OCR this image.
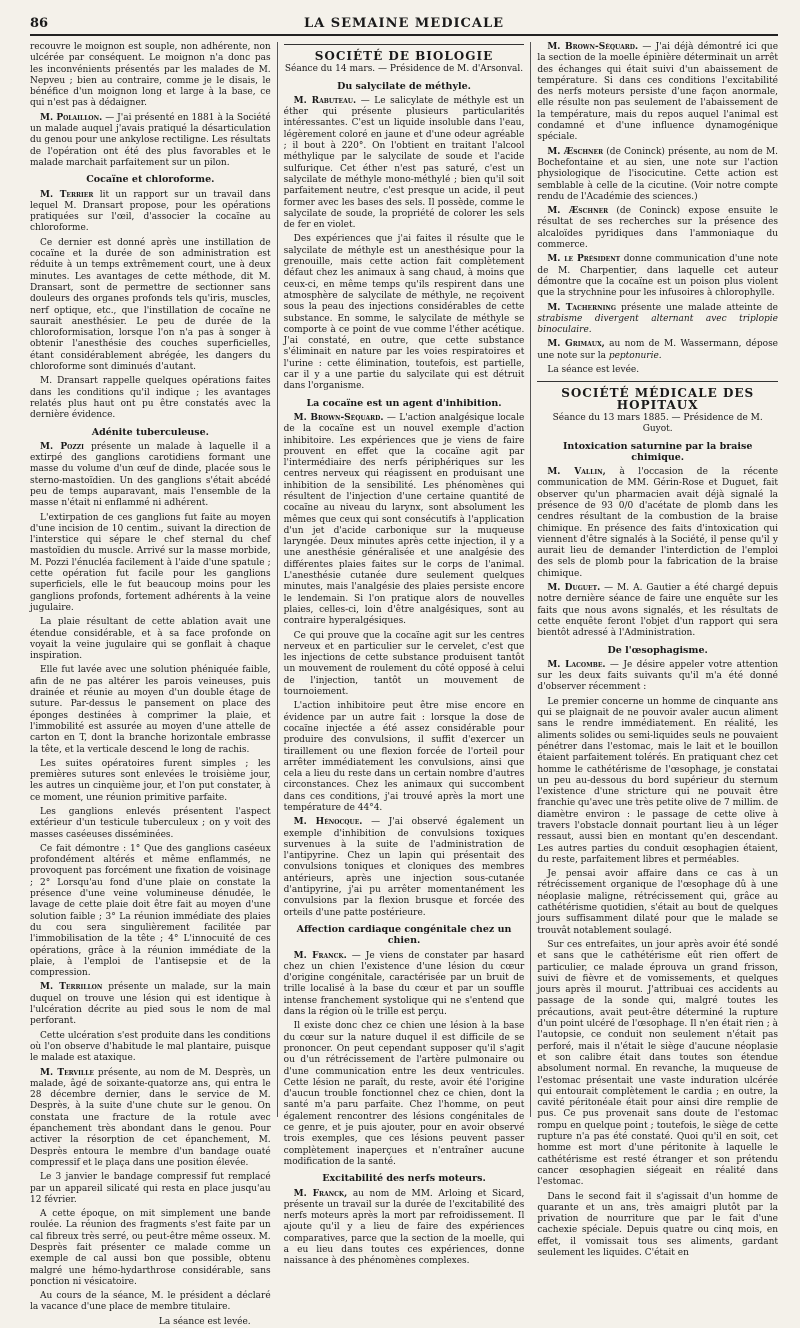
86	LA SEMAINE MEDICALE

recouvre le moignon est souple, non adhérente, non ulcérée par conséquent. Le moignon n'a donc pas les inconvénients présentés par les malades de M. Nepveu ; bien au contraire, comme je le disais, le bénéfice d'un moignon long et large à la base, ce qui n'est pas à dédaigner.

M. Polaillon. — J'ai présenté en 1881 à la Société un malade auquel j'avais pratiqué la désarticulation du genou pour une ankylose rectiligne. Les résultats de l'opération ont été des plus favorables et le malade marchait parfaitement sur un pilon.

Cocaïne et chloroforme.

M. Terrier lit un rapport sur un travail dans lequel M. Dransart propose, pour les opérations pratiquées sur l'œil, d'associer la cocaïne au chloroforme.

Ce dernier est donné après une instillation de cocaïne et la durée de son administration est réduite à un temps extrêmement court, une à deux minutes. Les avantages de cette méthode, dit M. Dransart, sont de permettre de sectionner sans douleurs des organes profonds tels qu'iris, muscles, nerf optique, etc., que l'instillation de cocaïne ne saurait anesthésier. Le peu de durée de la chloroformisation, lorsque l'on n'a pas à songer à obtenir l'anesthésie des couches superficielles, étant considérablement abrégée, les dangers du chloroforme sont diminués d'autant.

M. Dransart rappelle quelques opérations faites dans les conditions qu'il indique ; les avantages relatés plus haut ont pu être constatés avec la dernière évidence.

Adénite tuberculeuse.

M. Pozzi présente un malade à laquelle il a extirpé des ganglions carotidiens formant une masse du volume d'un œuf de dinde, placée sous le sterno-mastoïdien. Un des ganglions s'était abcédé peu de temps auparavant, mais l'ensemble de la masse n'était ni enflammé ni adhérent.

L'extirpation de ces ganglions fut faite au moyen d'une incision de 10 centim., suivant la direction de l'interstice qui sépare le chef sternal du chef mastoïdien du muscle. Arrivé sur la masse morbide, M. Pozzi l'énucléa facilement à l'aide d'une spatule ; cette opération fut facile pour les ganglions superficiels, elle le fut beaucoup moins pour les ganglions profonds, fortement adhérents à la veine jugulaire.

La plaie résultant de cette ablation avait une étendue considérable, et à sa face profonde on voyait la veine jugulaire qui se gonflait à chaque inspiration.

Elle fut lavée avec une solution phéniquée faible, afin de ne pas altérer les parois veineuses, puis drainée et réunie au moyen d'un double étage de suture. Par-dessus le pansement on place des éponges destinées à comprimer la plaie, et l'immobilité est assurée au moyen d'une attelle de carton en T, dont la branche horizontale embrasse la tête, et la verticale descend le long de rachis.

Les suites opératoires furent simples ; les premières sutures sont enlevées le troisième jour, les autres un cinquième jour, et l'on put constater, à ce moment, une réunion primitive parfaite.

Les ganglions enlevés présentent l'aspect extérieur d'un testicule tuberculeux ; on y voit des masses caséeuses disséminées.

Ce fait démontre : 1° Que des ganglions caséeux profondément altérés et même enflammés, ne provoquent pas forcément une fixation de voisinage ; 2° Lorsqu'au fond d'une plaie on constate la présence d'une veine volumineuse dénudée, le lavage de cette plaie doit être fait au moyen d'une solution faible ; 3° La réunion immédiate des plaies du cou sera singulièrement facilitée par l'immobilisation de la tête ; 4° L'innocuité de ces opérations, grâce à la réunion immédiate de la plaie, à l'emploi de l'antisepsie et de la compression.

M. Terrillon présente un malade, sur la main duquel on trouve une lésion qui est identique à l'ulcération décrite au pied sous le nom de mal perforant.

Cette ulcération s'est produite dans les conditions où l'on observe d'habitude le mal plantaire, puisque le malade est ataxique.

M. Terville présente, au nom de M. Desprès, un malade, âgé de soixante-quatorze ans, qui entra le 28 décembre dernier, dans le service de M. Desprès, à la suite d'une chute sur le genou. On constata une fracture de la rotule avec épanchement très abondant dans le genou. Pour activer la résorption de cet épanchement, M. Desprès entoura le membre d'un bandage ouaté compressif et le plaça dans une position élevée.

Le 3 janvier le bandage compressif fut remplacé par un appareil silicaté qui resta en place jusqu'au 12 février.

A cette époque, on mit simplement une bande roulée. La réunion des fragments s'est faite par un cal fibreux très serré, ou peut-être même osseux. M. Desprès fait présenter ce malade comme un exemple de cal aussi bon que possible, obtenu malgré une hémo-hydarthrose considérable, sans ponction ni vésicatoire.

Au cours de la séance, M. le président a déclaré la vacance d'une place de membre titulaire.

La séance est levée.

SOCIÉTÉ DE BIOLOGIE
Séance du 14 mars. — Présidence de M. d'Arsonval.
Du salycilate de méthyle.

M. Rabuteau. — Le salicylate de méthyle est un éther qui présente plusieurs particularités intéressantes. C'est un liquide insoluble dans l'eau, légèrement coloré en jaune et d'une odeur agréable ; il bout à 220°. On l'obtient en traitant l'alcool méthylique par le salycilate de soude et l'acide sulfurique. Cet éther n'est pas saturé, c'est un salycilate de méthyle mono-méthylé ; bien qu'il soit parfaitement neutre, c'est presque un acide, il peut former avec les bases des sels. Il possède, comme le salycilate de soude, la propriété de colorer les sels de fer en violet.

Des expériences que j'ai faites il résulte que le salycilate de méthyle est un anesthésique pour la grenouille, mais cette action fait complètement défaut chez les animaux à sang chaud, à moins que ceux-ci, en même temps qu'ils respirent dans une atmosphère de salycilate de méthyle, ne reçoivent sous la peau des injections considérables de cette substance. En somme, le salycilate de méthyle se comporte à ce point de vue comme l'éther acétique. J'ai constaté, en outre, que cette substance s'éliminait en nature par les voies respiratoires et l'urine : cette élimination, toutefois, est partielle, car il y a une partie du salycilate qui est détruit dans l'organisme.

La cocaïne est un agent d'inhibition.

M. Brown-Séquard. — L'action analgésique locale de la cocaïne est un nouvel exemple d'action inhibitoire. Les expériences que je viens de faire prouvent en effet que la cocaïne agit par l'intermédiaire des nerfs périphériques sur les centres nerveux qui réagissent en produisant une inhibition de la sensibilité. Les phénomènes qui résultent de l'injection d'une certaine quantité de cocaïne au niveau du larynx, sont absolument les mêmes que ceux qui sont consécutifs à l'application d'un jet d'acide carbonique sur la muqueuse laryngée. Deux minutes après cette injection, il y a une anesthésie généralisée et une analgésie des différentes plaies faites sur le corps de l'animal. L'anesthésie cutanée dure seulement quelques minutes, mais l'analgésie des plaies persiste encore le lendemain. Si l'on pratique alors de nouvelles plaies, celles-ci, loin d'être analgésiques, sont au contraire hyperalgésiques.

Ce qui prouve que la cocaïne agit sur les centres nerveux et en particulier sur le cervelet, c'est que les injections de cette substance produisent tantôt un mouvement de roulement du côté opposé à celui de l'injection, tantôt un mouvement de tournoiement.

L'action inhibitoire peut être mise encore en évidence par un autre fait : lorsque la dose de cocaïne injectée a été assez considérable pour produire des convulsions, il suffit d'exercer un tiraillement ou une flexion forcée de l'orteil pour arrêter immédiatement les convulsions, ainsi que cela a lieu du reste dans un certain nombre d'autres circonstances. Chez les animaux qui succombent dans ces conditions, j'ai trouvé après la mort une température de 44°4.

M. Hénocque. — J'ai observé également un exemple d'inhibition de convulsions toxiques survenues à la suite de l'administration de l'antipyrine. Chez un lapin qui présentait des convulsions toniques et cloniques des membres antérieurs, après une injection sous-cutanée d'antipyrine, j'ai pu arrêter momentanément les convulsions par la flexion brusque et forcée des orteils d'une patte postérieure.

Affection cardiaque congénitale chez un chien.

M. Franck. — Je viens de constater par hasard chez un chien l'existence d'une lésion du cœur d'origine congénitale, caractérisée par un bruit de trille localisé à la base du cœur et par un souffle intense franchement systolique qui ne s'entend que dans la région où le trille est perçu.

Il existe donc chez ce chien une lésion à la base du cœur sur la nature duquel il est difficile de se prononcer. On peut cependant supposer qu'il s'agit ou d'un rétrécissement de l'artère pulmonaire ou d'une communication entre les deux ventricules. Cette lésion ne paraît, du reste, avoir été l'origine d'aucun trouble fonctionnel chez ce chien, dont la santé m'a paru parfaite. Chez l'homme, on peut également rencontrer des lésions congénitales de ce genre, et je puis ajouter, pour en avoir observé trois exemples, que ces lésions peuvent passer complètement inaperçues et n'entraîner aucune modification de la santé.

Excitabilité des nerfs moteurs.

M. Franck, au nom de MM. Arloing et Sicard, présente un travail sur la durée de l'excitabilité des nerfs moteurs après la mort par refroidissement. Il ajoute qu'il y a lieu de faire des expériences comparatives, parce que la section de la moelle, qui a eu lieu dans toutes ces expériences, donne naissance à des phénomènes complexes.

M. Brown-Séquard. — J'ai déjà démontré ici que la section de la moelle épinière déterminait un arrêt des échanges qui était suivi d'un abaissement de température. Si dans ces conditions l'excitabilité des nerfs moteurs persiste d'une façon anormale, elle résulte non pas seulement de l'abaissement de la température, mais du repos auquel l'animal est condamné et d'une influence dynamogénique spéciale.

M. Æschner (de Coninck) présente, au nom de M. Bochefontaine et au sien, une note sur l'action physiologique de l'isocicutine. Cette action est semblable à celle de la cicutine. (Voir notre compte rendu de l'Académie des sciences.)

M. Æschner (de Coninck) expose ensuite le résultat de ses recherches sur la présence des alcaloïdes pyridiques dans l'ammoniaque du commerce.

M. le Président donne communication d'une note de M. Charpentier, dans laquelle cet auteur démontre que la cocaïne est un poison plus violent que la strychnine pour les infusoires à chlorophylle.

M. Tacherning présente une malade atteinte de strabisme divergent alternant avec triplopie binoculaire.

M. Grimaux, au nom de M. Wassermann, dépose une note sur la peptonurie.

La séance est levée.

SOCIÉTÉ MÉDICALE DES HOPITAUX
Séance du 13 mars 1885. — Présidence de M. Guyot.
Intoxication saturnine par la braise chimique.

M. Vallin, à l'occasion de la récente communication de MM. Gérin-Rose et Duguet, fait observer qu'un pharmacien avait déjà signalé la présence de 93 0/0 d'acétate de plomb dans les cendres résultant de la combustion de la braise chimique. En présence des faits d'intoxication qui viennent d'être signalés à la Société, il pense qu'il y aurait lieu de demander l'interdiction de l'emploi des sels de plomb pour la fabrication de la braise chimique.

M. Duguet. — M. A. Gautier a été chargé depuis notre dernière séance de faire une enquête sur les faits que nous avons signalés, et les résultats de cette enquête feront l'objet d'un rapport qui sera bientôt adressé à l'Administration.

De l'œsophagisme.

M. Lacombe. — Je désire appeler votre attention sur les deux faits suivants qu'il m'a été donné d'observer récemment :

Le premier concerne un homme de cinquante ans qui se plaignait de ne pouvoir avaler aucun aliment sans le rendre immédiatement. En réalité, les aliments solides ou semi-liquides seuls ne pouvaient pénétrer dans l'estomac, mais le lait et le bouillon étaient parfaitement tolérés. En pratiquant chez cet homme le cathétérisme de l'œsophage, je constatai un peu au-dessous du bord supérieur du sternum l'existence d'une stricture qui ne pouvait être franchie qu'avec une très petite olive de 7 millim. de diamètre environ : le passage de cette olive à travers l'obstacle donnait pourtant lieu à un léger ressaut, aussi bien en montant qu'en descendant. Les autres parties du conduit œsophagien étaient, du reste, parfaitement libres et perméables.

Je pensai avoir affaire dans ce cas à un rétrécissement organique de l'œsophage dû à une néoplasie maligne, rétrécissement qui, grâce au cathétérisme quotidien, s'était au bout de quelques jours suffisamment dilaté pour que le malade se trouvât notablement soulagé.

Sur ces entrefaites, un jour après avoir été sondé et sans que le cathétérisme eût rien offert de particulier, ce malade éprouva un grand frisson, suivi de fièvre et de vomissements, et quelques jours après il mourut. J'attribuai ces accidents au passage de la sonde qui, malgré toutes les précautions, avait peut-être déterminé la rupture d'un point ulcéré de l'œsophage. Il n'en était rien ; à l'autopsie, ce conduit non seulement n'était pas perforé, mais il n'était le siège d'aucune néoplasie et son calibre était dans toutes son étendue absolument normal. En revanche, la muqueuse de l'estomac présentait une vaste induration ulcérée qui entourait complètement le cardia ; en outre, la cavité péritonéale était pour ainsi dire remplie de pus. Ce pus provenait sans doute de l'estomac rompu en quelque point ; toutefois, le siège de cette rupture n'a pas été constaté. Quoi qu'il en soit, cet homme est mort d'une péritonite à laquelle le cathétérisme est resté étranger et son prétendu cancer œsophagien siégeait en réalité dans l'estomac.

Dans le second fait il s'agissait d'un homme de quarante et un ans, très amaigri plutôt par la privation de nourriture que par le fait d'une cachexie spéciale. Depuis quatre ou cinq mois, en effet, il vomissait tous ses aliments, gardant seulement les liquides. C'était en
